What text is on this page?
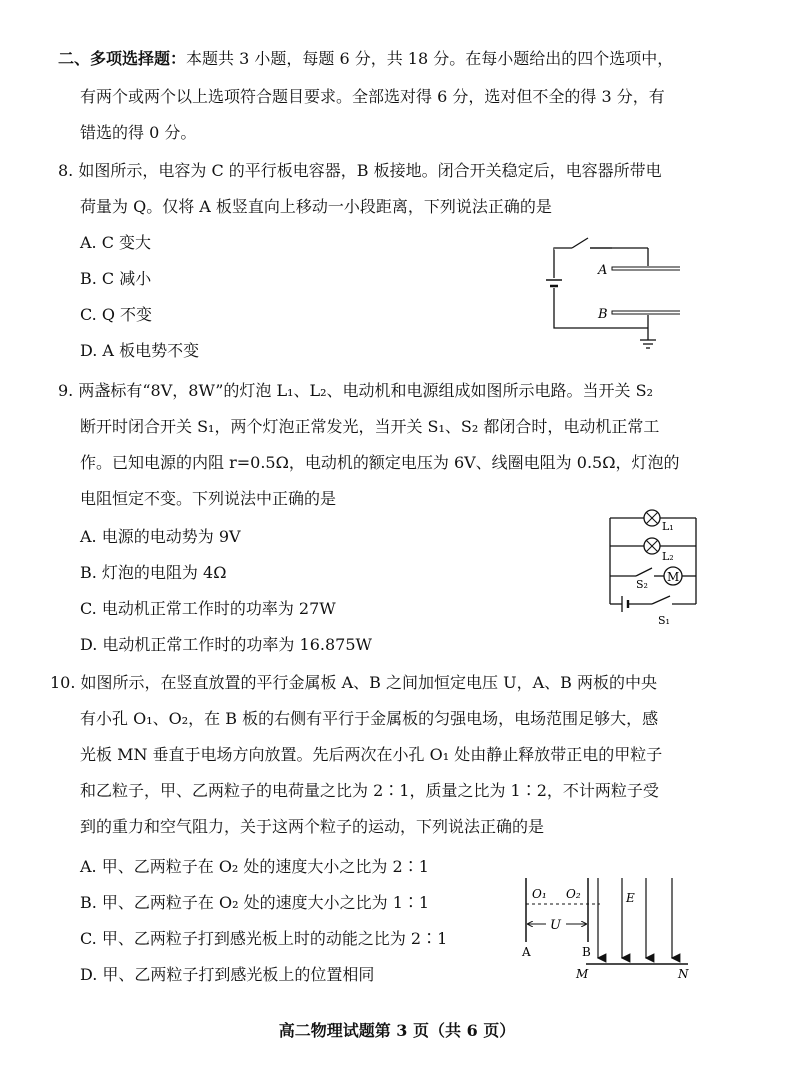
二、多项选择题：本题共 3 小题，每题 6 分，共 18 分。在每小题给出的四个选项中，
有两个或两个以上选项符合题目要求。全部选对得 6 分，选对但不全的得 3 分，有
错选的得 0 分。
8. 如图所示，电容为 C 的平行板电容器，B 板接地。闭合开关稳定后，电容器所带电
荷量为 Q。仅将 A 板竖直向上移动一小段距离，下列说法正确的是
A. C 变大
B. C 减小
C. Q 不变
D. A 板电势不变
A
B
9. 两盏标有“8V，8W”的灯泡 L₁、L₂、电动机和电源组成如图所示电路。当开关 S₂
断开时闭合开关 S₁，两个灯泡正常发光，当开关 S₁、S₂ 都闭合时，电动机正常工
作。已知电源的内阻 r=0.5Ω，电动机的额定电压为 6V、线圈电阻为 0.5Ω，灯泡的
电阻恒定不变。下列说法中正确的是
A. 电源的电动势为 9V
B. 灯泡的电阻为 4Ω
C. 电动机正常工作时的功率为 27W
D. 电动机正常工作时的功率为 16.875W
L₁
L₂
M
S₂
S₁
10. 如图所示，在竖直放置的平行金属板 A、B 之间加恒定电压 U，A、B 两板的中央
有小孔 O₁、O₂，在 B 板的右侧有平行于金属板的匀强电场，电场范围足够大，感
光板 MN 垂直于电场方向放置。先后两次在小孔 O₁ 处由静止释放带正电的甲粒子
和乙粒子，甲、乙两粒子的电荷量之比为 2∶1，质量之比为 1∶2，不计两粒子受
到的重力和空气阻力，关于这两个粒子的运动，下列说法正确的是
A. 甲、乙两粒子在 O₂ 处的速度大小之比为 2∶1
B. 甲、乙两粒子在 O₂ 处的速度大小之比为 1∶1
C. 甲、乙两粒子打到感光板上时的动能之比为 2∶1
D. 甲、乙两粒子打到感光板上的位置相同
O₁ O₂
U
E
A	B
M	N
高二物理试题第 3 页（共 6 页）
